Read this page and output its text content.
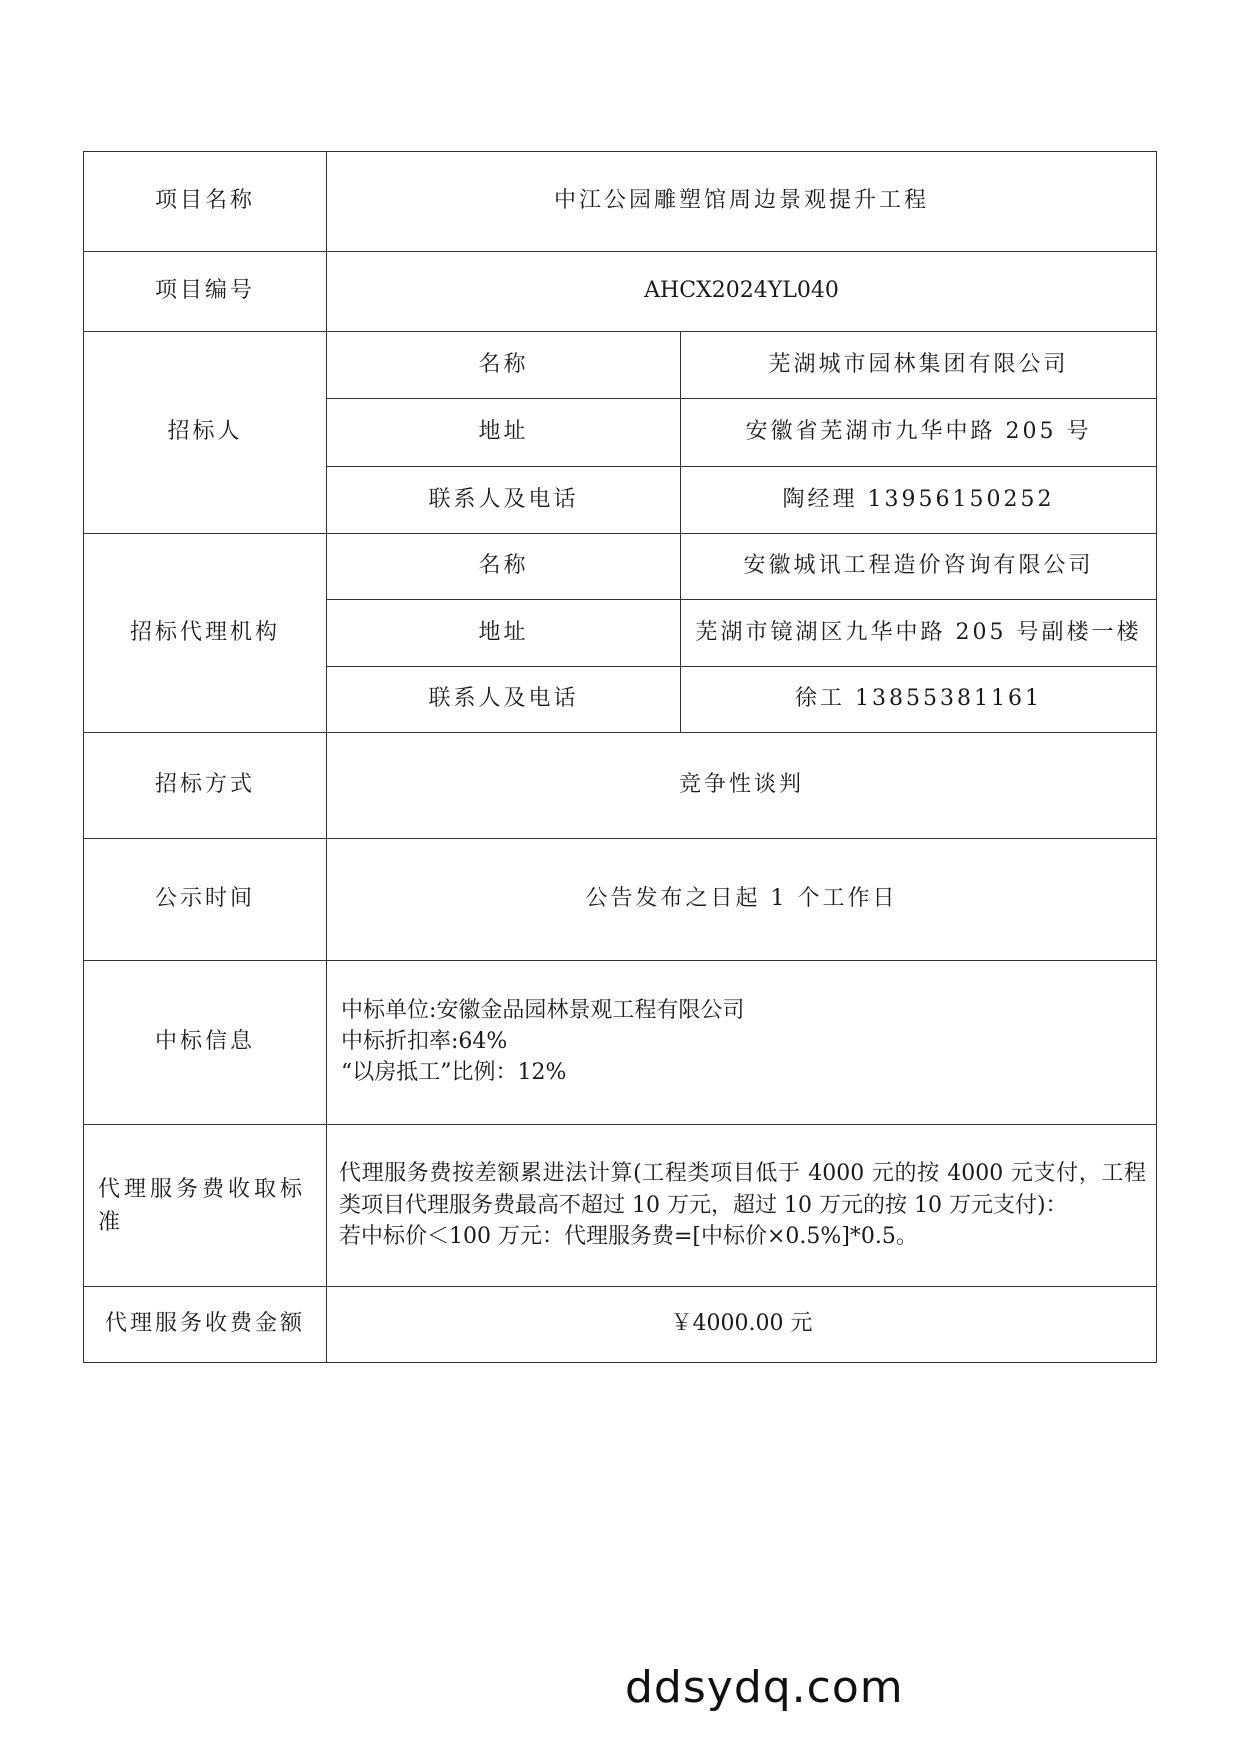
项目名称	中江公园雕塑馆周边景观提升工程	
项目编号	AHCX2024YL040	
招标人	名称	芜湖城市园林集团有限公司
	地址	安徽省芜湖市九华中路 205 号
	联系人及电话	陶经理 13956150252
招标代理机构	名称	安徽城讯工程造价咨询有限公司
	地址	芜湖市镜湖区九华中路 205 号副楼一楼
	联系人及电话	徐工 13855381161
招标方式	竞争性谈判	
公示时间	公告发布之日起 1 个工作日	
中标信息	中标单位:安徽金品园林景观工程有限公司
中标折扣率:64%
“以房抵工”比例：12%	

代理服务费收取标准	代理服务费按差额累进法计算(工程类项目低于 4000 元的按 4000 元支付，工程类项目代理服务费最高不超过 10 万元，超过 10 万元的按 10 万元支付)：
若中标价＜100 万元：代理服务费=[中标价×0.5%]*0.5。	

代理服务收费金额	￥4000.00 元	
ddsydq.com
